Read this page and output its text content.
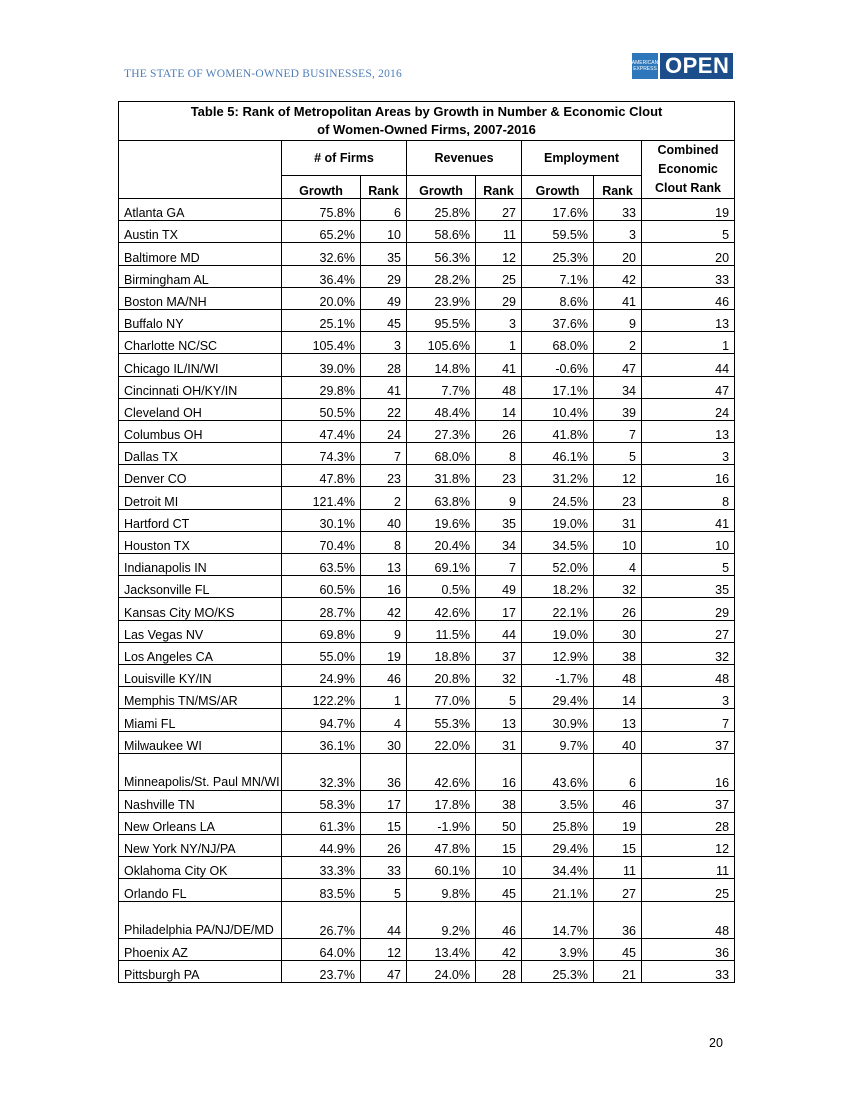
THE STATE OF WOMEN-OWNED BUSINESSES, 2016
AMERICAN EXPRESS OPEN
Table 5: Rank of Metropolitan Areas by Growth in Number & Economic Clout
of Women-Owned Firms, 2007-2016							

	# of Firms		Revenues		Employment		Combined Economic Clout Rank
	Growth	Rank	Growth	Rank	Growth	Rank	
Atlanta GA	75.8%	6	25.8%	27	17.6%	33	19
Austin TX	65.2%	10	58.6%	11	59.5%	3	5
Baltimore MD	32.6%	35	56.3%	12	25.3%	20	20
Birmingham AL	36.4%	29	28.2%	25	7.1%	42	33
Boston MA/NH	20.0%	49	23.9%	29	8.6%	41	46
Buffalo NY	25.1%	45	95.5%	3	37.6%	9	13
Charlotte NC/SC	105.4%	3	105.6%	1	68.0%	2	1
Chicago IL/IN/WI	39.0%	28	14.8%	41	-0.6%	47	44
Cincinnati OH/KY/IN	29.8%	41	7.7%	48	17.1%	34	47
Cleveland OH	50.5%	22	48.4%	14	10.4%	39	24
Columbus OH	47.4%	24	27.3%	26	41.8%	7	13
Dallas TX	74.3%	7	68.0%	8	46.1%	5	3
Denver CO	47.8%	23	31.8%	23	31.2%	12	16
Detroit MI	121.4%	2	63.8%	9	24.5%	23	8
Hartford CT	30.1%	40	19.6%	35	19.0%	31	41
Houston TX	70.4%	8	20.4%	34	34.5%	10	10
Indianapolis IN	63.5%	13	69.1%	7	52.0%	4	5
Jacksonville FL	60.5%	16	0.5%	49	18.2%	32	35
Kansas City MO/KS	28.7%	42	42.6%	17	22.1%	26	29
Las Vegas NV	69.8%	9	11.5%	44	19.0%	30	27
Los Angeles CA	55.0%	19	18.8%	37	12.9%	38	32
Louisville KY/IN	24.9%	46	20.8%	32	-1.7%	48	48
Memphis TN/MS/AR	122.2%	1	77.0%	5	29.4%	14	3
Miami FL	94.7%	4	55.3%	13	30.9%	13	7
Milwaukee WI	36.1%	30	22.0%	31	9.7%	40	37
Minneapolis/St. Paul MN/WI	32.3%	36	42.6%	16	43.6%	6	16
Nashville TN	58.3%	17	17.8%	38	3.5%	46	37
New Orleans LA	61.3%	15	-1.9%	50	25.8%	19	28
New York NY/NJ/PA	44.9%	26	47.8%	15	29.4%	15	12
Oklahoma City OK	33.3%	33	60.1%	10	34.4%	11	11
Orlando FL	83.5%	5	9.8%	45	21.1%	27	25
Philadelphia PA/NJ/DE/MD	26.7%	44	9.2%	46	14.7%	36	48
Phoenix AZ	64.0%	12	13.4%	42	3.9%	45	36
Pittsburgh PA	23.7%	47	24.0%	28	25.3%	21	33
20
